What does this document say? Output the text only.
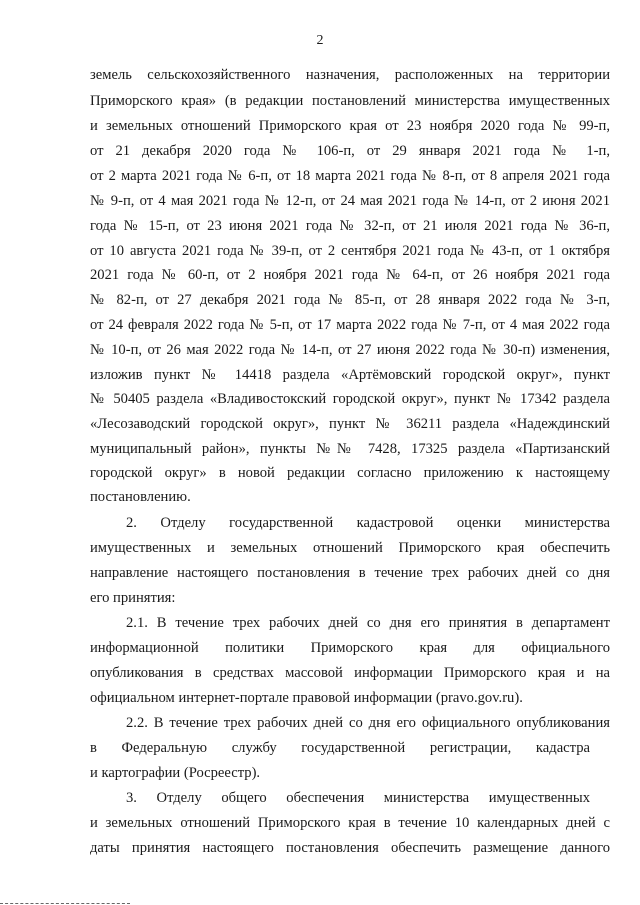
2
земель сельскохозяйственного назначения, расположенных на территории
Приморского края» (в редакции постановлений министерства имущественных
и земельных отношений Приморского края от 23 ноября 2020 года № 99-п,
от 21 декабря 2020 года № 106-п, от 29 января 2021 года № 1-п,
от 2 марта 2021 года № 6-п, от 18 марта 2021 года № 8-п, от 8 апреля 2021 года
№ 9-п, от 4 мая 2021 года № 12-п, от 24 мая 2021 года № 14-п, от 2 июня 2021
года № 15-п, от 23 июня 2021 года № 32-п, от 21 июля 2021 года № 36-п,
от 10 августа 2021 года № 39-п, от 2 сентября 2021 года № 43-п, от 1 октября
2021 года № 60-п, от 2 ноября 2021 года № 64-п, от 26 ноября 2021 года
№ 82-п, от 27 декабря 2021 года № 85-п, от 28 января 2022 года № 3-п,
от 24 февраля 2022 года № 5-п, от 17 марта 2022 года № 7-п, от 4 мая 2022 года
№ 10-п, от 26 мая 2022 года № 14-п, от 27 июня 2022 года № 30-п) изменения,
изложив пункт № 14418 раздела «Артёмовский городской округ», пункт
№ 50405 раздела «Владивостокский городской округ», пункт № 17342 раздела
«Лесозаводский городской округ», пункт № 36211 раздела «Надеждинский
муниципальный район», пункты №№ 7428, 17325 раздела «Партизанский
городской округ» в новой редакции согласно приложению к настоящему
постановлению.
2. Отделу государственной кадастровой оценки министерства
имущественных и земельных отношений Приморского края обеспечить
направление настоящего постановления в течение трех рабочих дней со дня
его принятия:
2.1. В течение трех рабочих дней со дня его принятия в департамент
информационной политики Приморского края для официального
опубликования в средствах массовой информации Приморского края и на
официальном интернет-портале правовой информации (pravo.gov.ru).
2.2. В течение трех рабочих дней со дня его официального опубликования
в Федеральную службу государственной регистрации, кадастра
и картографии (Росреестр).
3. Отделу общего обеспечения министерства имущественных
и земельных отношений Приморского края в течение 10 календарных дней с
даты принятия настоящего постановления обеспечить размещение данного
